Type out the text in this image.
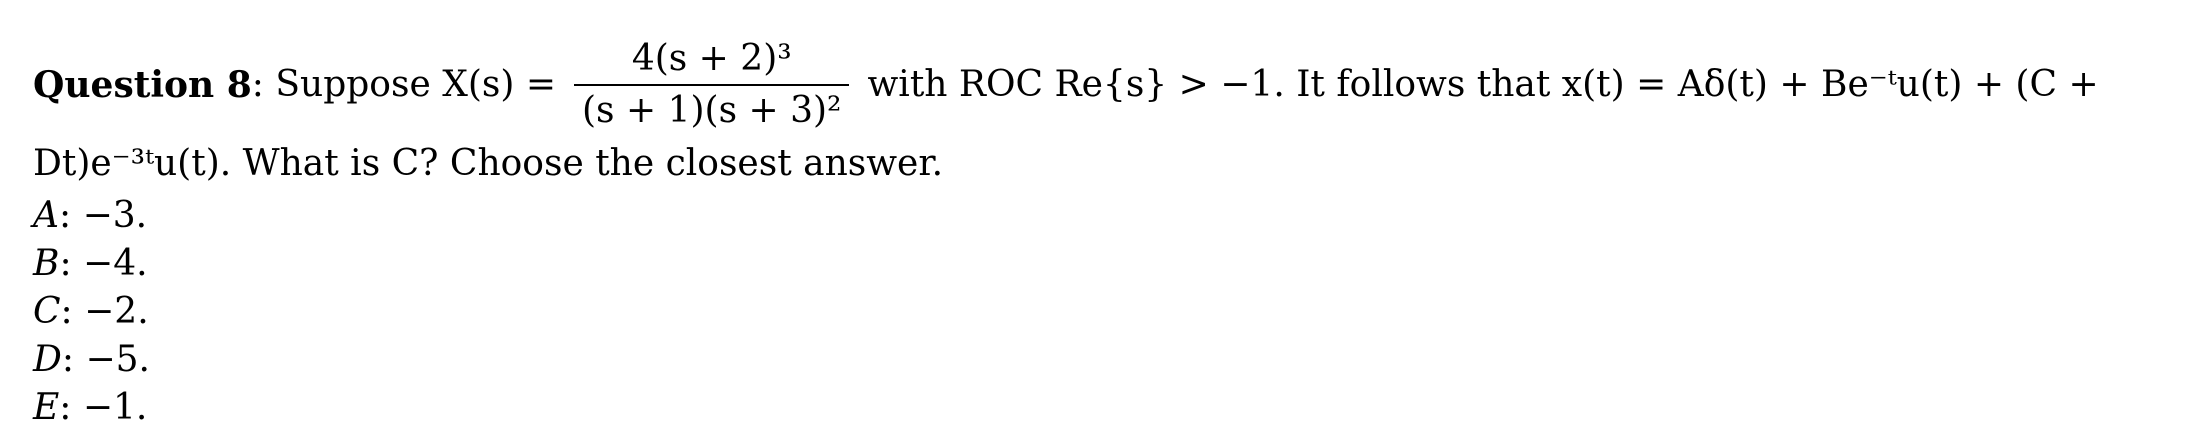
Question 8 : Suppose $X(s) = \frac{\text{4(s + 2)³}}{\text{(s + 1)(s + 3)²}}$ with ROC Re{s} > −1. It follows that x(t) = Aδ(t) + Be⁻ᵗu(t) + (C +
Dt)e⁻³ᵗu(t). What is C? Choose the closest answer.
A: −3.
B: −4.
C: −2.
D: −5.
E: −1.
